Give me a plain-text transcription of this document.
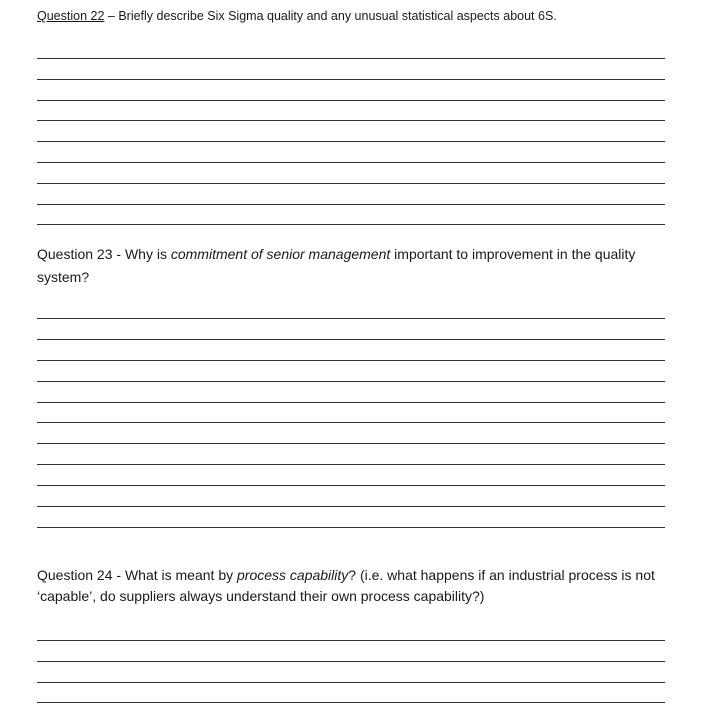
Question 22 – Briefly describe Six Sigma quality and any unusual statistical aspects about 6S.

Question 23 - Why is commitment of senior management important to improvement in the quality system?

Question 24 - What is meant by process capability? (i.e. what happens if an industrial process is not ‘capable’, do suppliers always understand their own process capability?)
